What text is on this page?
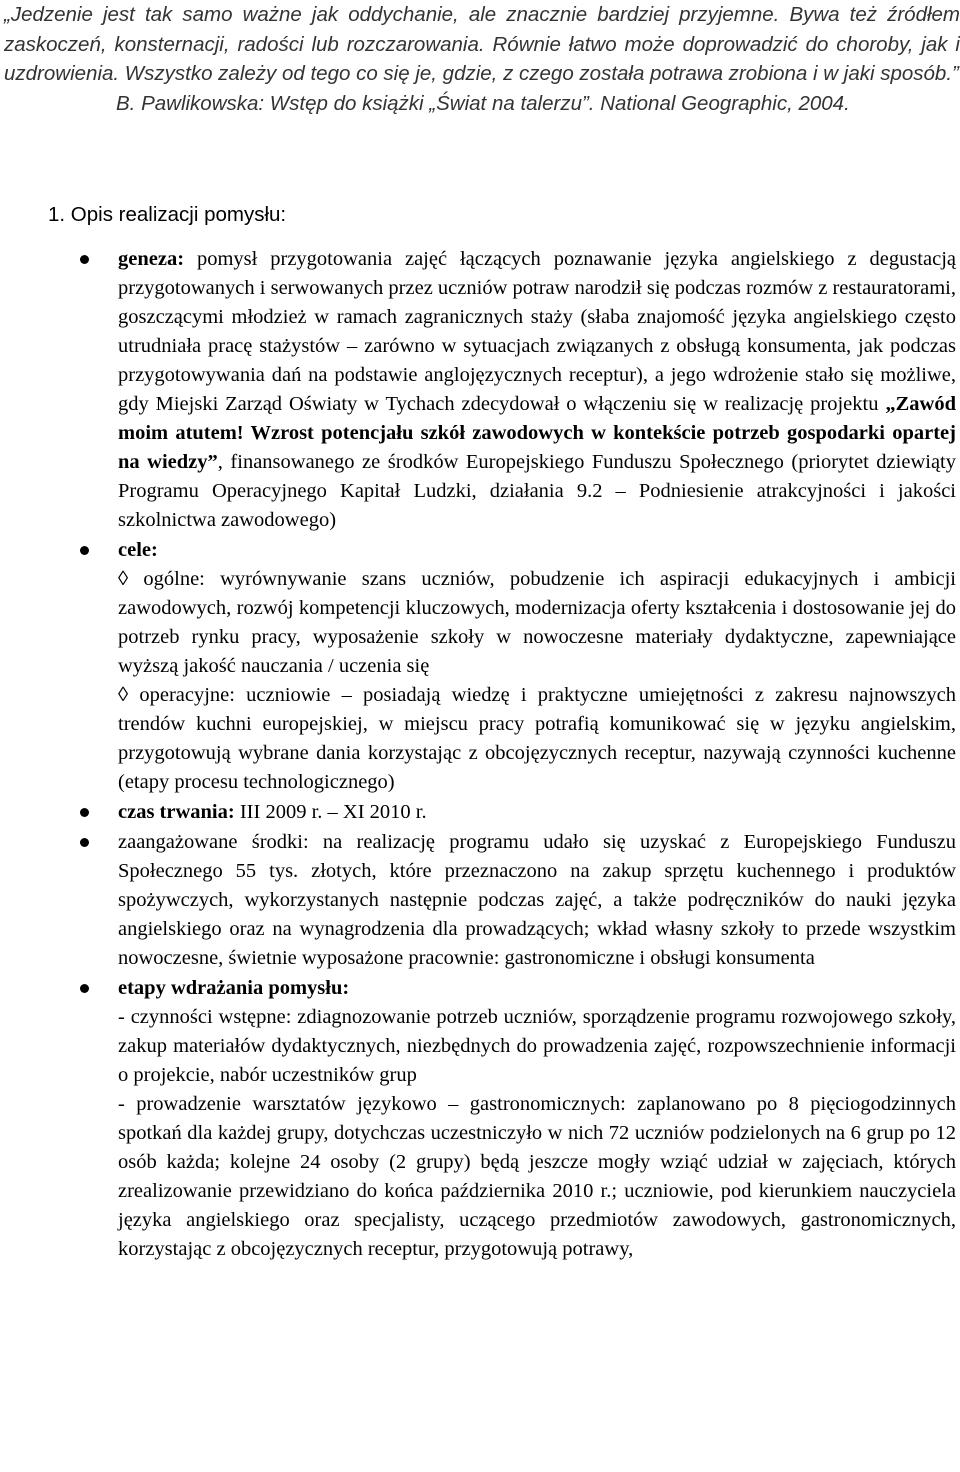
„Jedzenie jest tak samo ważne jak oddychanie, ale znacznie bardziej przyjemne. Bywa też źródłem zaskoczeń, konsternacji, radości lub rozczarowania. Równie łatwo może doprowadzić do choroby, jak i uzdrowienia. Wszystko zależy od tego co się je, gdzie, z czego została potrawa zrobiona i w jaki sposób.”
B. Pawlikowska: Wstęp do książki „Świat na talerzu”. National Geographic, 2004.
1. Opis realizacji pomysłu:
geneza: pomysł przygotowania zajęć łączących poznawanie języka angielskiego z degustacją przygotowanych i serwowanych przez uczniów potraw narodził się podczas rozmów z restauratorami, goszczącymi młodzież w ramach zagranicznych staży (słaba znajomość języka angielskiego często utrudniała pracę stażystów – zarówno w sytuacjach związanych z obsługą konsumenta, jak podczas przygotowywania dań na podstawie anglojęzycznych receptur), a jego wdrożenie stało się możliwe, gdy Miejski Zarząd Oświaty w Tychach zdecydował o włączeniu się w realizację projektu „Zawód moim atutem! Wzrost potencjału szkół zawodowych w kontekście potrzeb gospodarki opartej na wiedzy”, finansowanego ze środków Europejskiego Funduszu Społecznego (priorytet dziewiąty Programu Operacyjnego Kapitał Ludzki, działania 9.2 – Podniesienie atrakcyjności i jakości szkolnictwa zawodowego)
cele:
◊ ogólne: wyrównywanie szans uczniów, pobudzenie ich aspiracji edukacyjnych i ambicji zawodowych, rozwój kompetencji kluczowych, modernizacja oferty kształcenia i dostosowanie jej do potrzeb rynku pracy, wyposażenie szkoły w nowoczesne materiały dydaktyczne, zapewniające wyższą jakość nauczania / uczenia się
◊ operacyjne: uczniowie – posiadają wiedzę i praktyczne umiejętności z zakresu najnowszych trendów kuchni europejskiej, w miejscu pracy potrafią komunikować się w języku angielskim, przygotowują wybrane dania korzystając z obcojęzycznych receptur, nazywają czynności kuchenne (etapy procesu technologicznego)
czas trwania: III 2009 r. – XI 2010 r.
zaangażowane środki: na realizację programu udało się uzyskać z Europejskiego Funduszu Społecznego 55 tys. złotych, które przeznaczono na zakup sprzętu kuchennego i produktów spożywczych, wykorzystanych następnie podczas zajęć, a także podręczników do nauki języka angielskiego oraz na wynagrodzenia dla prowadzących; wkład własny szkoły to przede wszystkim nowoczesne, świetnie wyposażone pracownie: gastronomiczne i obsługi konsumenta
etapy wdrażania pomysłu:
- czynności wstępne: zdiagnozowanie potrzeb uczniów, sporządzenie programu rozwojowego szkoły, zakup materiałów dydaktycznych, niezbędnych do prowadzenia zajęć, rozpowszechnienie informacji o projekcie, nabór uczestników grup
- prowadzenie warsztatów językowo – gastronomicznych: zaplanowano po 8 pięciogodzinnych spotkań dla każdej grupy, dotychczas uczestniczyło w nich 72 uczniów podzielonych na 6 grup po 12 osób każda; kolejne 24 osoby (2 grupy) będą jeszcze mogły wziąć udział w zajęciach, których zrealizowanie przewidziano do końca października 2010 r.; uczniowie, pod kierunkiem nauczyciela języka angielskiego oraz specjalisty, uczącego przedmiotów zawodowych, gastronomicznych, korzystając z obcojęzycznych receptur, przygotowują potrawy,
